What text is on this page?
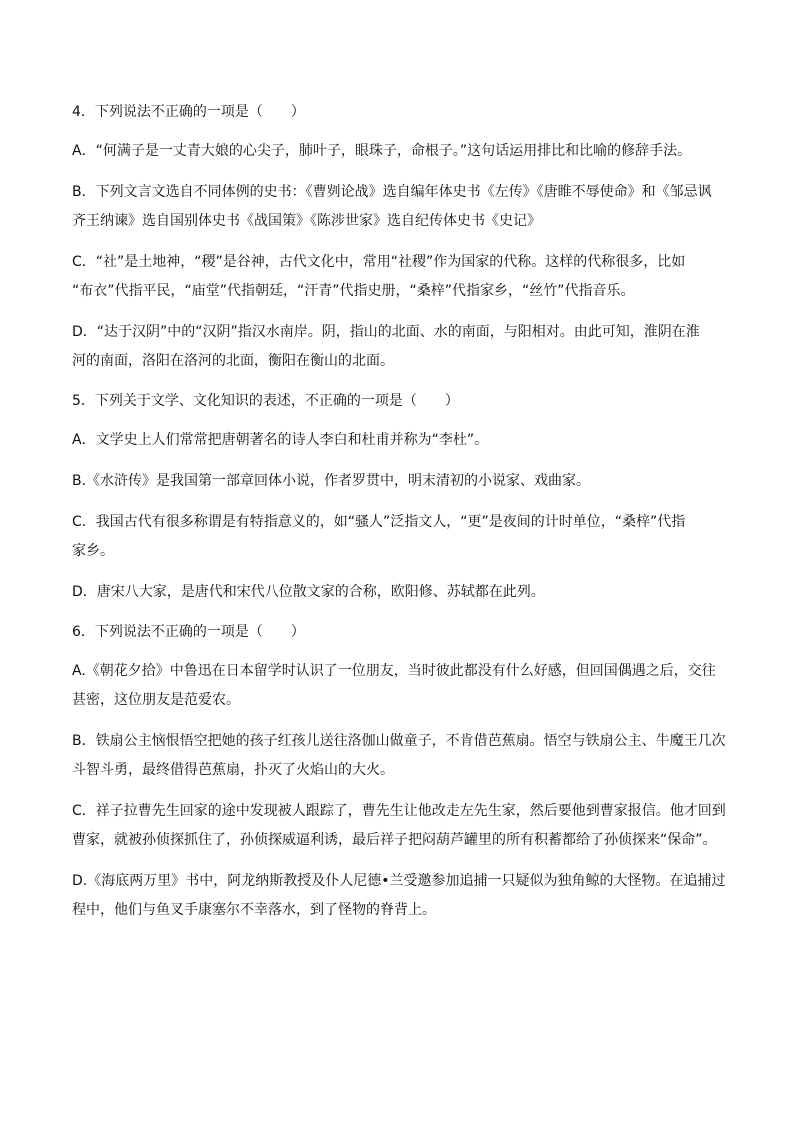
4．下列说法不正确的一项是（　　）

A．“何满子是一丈青大娘的心尖子，肺叶子，眼珠子，命根子。”这句话运用排比和比喻的修辞手法。

B．下列文言文选自不同体例的史书：《曹刿论战》选自编年体史书《左传》《唐睢不辱使命》和《邹忌讽
齐王纳谏》选自国别体史书《战国策》《陈涉世家》选自纪传体史书《史记》

C．“社”是土地神，“稷”是谷神，古代文化中，常用“社稷”作为国家的代称。这样的代称很多，比如
“布衣”代指平民，“庙堂”代指朝廷，“汗青”代指史册，“桑梓”代指家乡，“丝竹”代指音乐。

D．“达于汉阴”中的“汉阴”指汉水南岸。阴，指山的北面、水的南面，与阳相对。由此可知，淮阴在淮
河的南面，洛阳在洛河的北面，衡阳在衡山的北面。

5．下列关于文学、文化知识的表述，不正确的一项是（　　）

A．文学史上人们常常把唐朝著名的诗人李白和杜甫并称为“李杜”。

B.《水浒传》是我国第一部章回体小说，作者罗贯中，明末清初的小说家、戏曲家。

C．我国古代有很多称谓是有特指意义的，如“骚人”泛指文人，“更”是夜间的计时单位，“桑梓”代指
家乡。

D．唐宋八大家，是唐代和宋代八位散文家的合称，欧阳修、苏轼都在此列。

6．下列说法不正确的一项是（　　）

A.《朝花夕拾》中鲁迅在日本留学时认识了一位朋友，当时彼此都没有什么好感，但回国偶遇之后，交往
甚密，这位朋友是范爱农。

B．铁扇公主恼恨悟空把她的孩子红孩儿送往洛伽山做童子，不肯借芭蕉扇。悟空与铁扇公主、牛魔王几次
斗智斗勇，最终借得芭蕉扇，扑灭了火焰山的大火。

C．祥子拉曹先生回家的途中发现被人跟踪了，曹先生让他改走左先生家，然后要他到曹家报信。他才回到
曹家，就被孙侦探抓住了，孙侦探威逼利诱，最后祥子把闷葫芦罐里的所有积蓄都给了孙侦探来“保命”。

D.《海底两万里》书中，阿龙纳斯教授及仆人尼德•兰受邀参加追捕一只疑似为独角鲸的大怪物。在追捕过
程中，他们与鱼叉手康塞尔不幸落水，到了怪物的脊背上。
